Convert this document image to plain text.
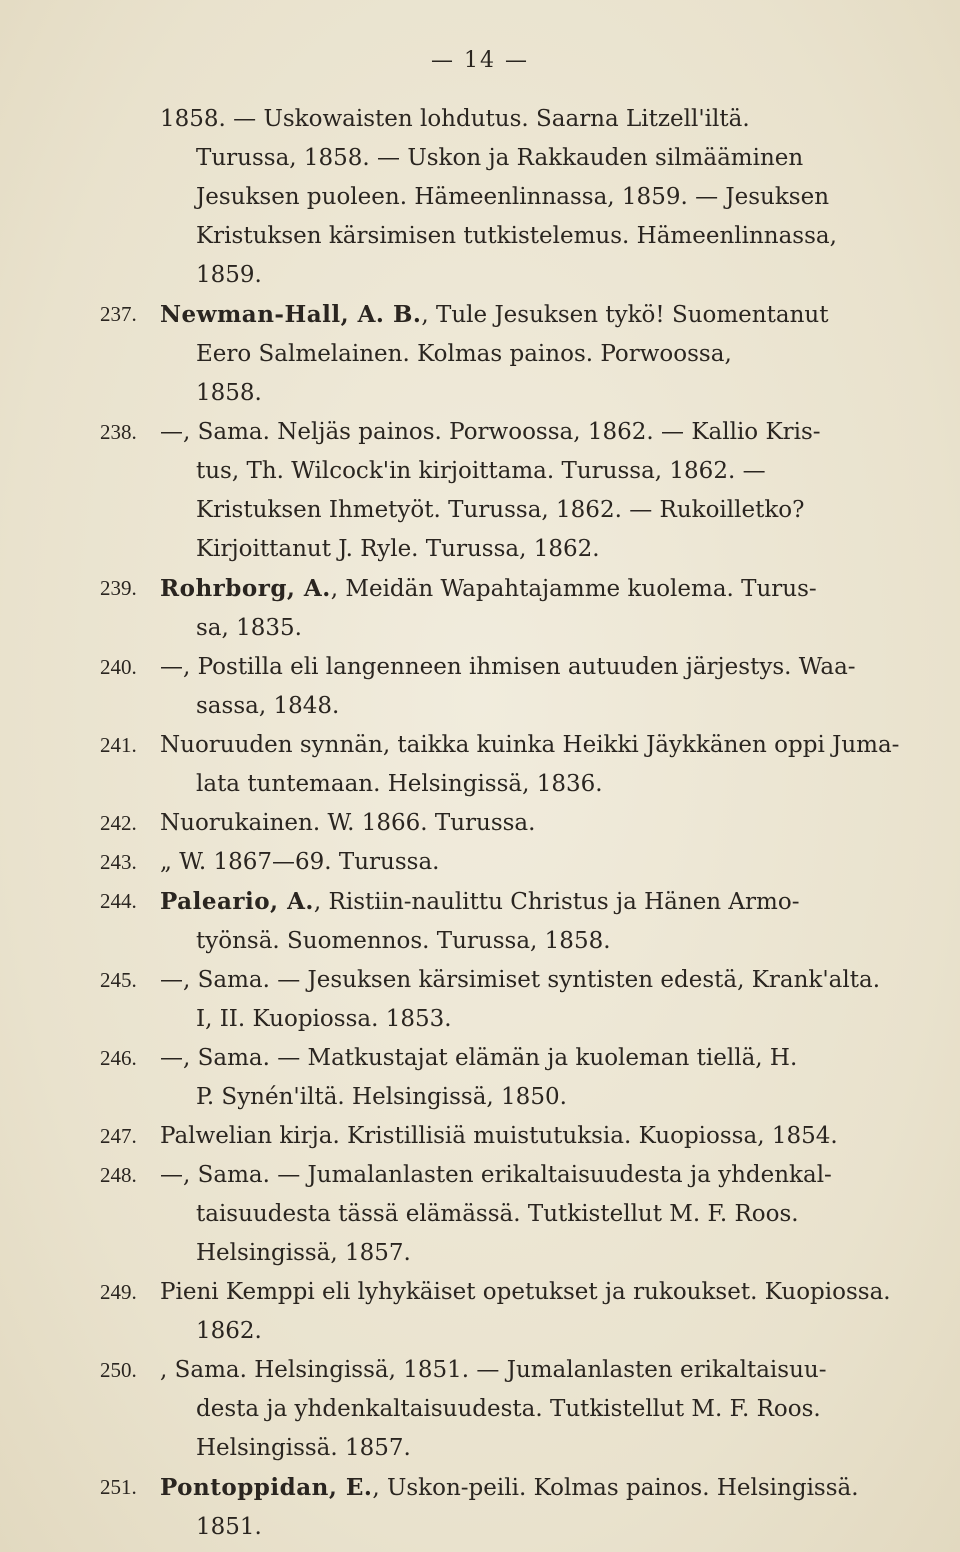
— 14 —
1858. — Uskowaisten lohdutus. Saarna Litzell'iltä.
Turussa, 1858. — Uskon ja Rakkauden silmääminen
Jesuksen puoleen. Hämeenlinnassa, 1859. — Jesuksen
Kristuksen kärsimisen tutkistelemus. Hämeenlinnassa,
1859.
237.	Newman-Hall, A. B., Tule Jesuksen tykö! Suomentanut
Eero Salmelainen. Kolmas painos. Porwoossa,
1858.
238.	—, Sama. Neljäs painos. Porwoossa, 1862. — Kallio Kris-
tus, Th. Wilcock'in kirjoittama. Turussa, 1862. —
Kristuksen Ihmetyöt. Turussa, 1862. — Rukoilletko?
Kirjoittanut J. Ryle. Turussa, 1862.
239.	Rohrborg, A., Meidän Wapahtajamme kuolema. Turus-
sa, 1835.
240.	—, Postilla eli langenneen ihmisen autuuden järjestys. Waa-
sassa, 1848.
241.	Nuoruuden synnän, taikka kuinka Heikki Jäykkänen oppi Juma-
lata tuntemaan. Helsingissä, 1836.
242.	Nuorukainen. W. 1866. Turussa.
243.	„ W. 1867—69. Turussa.
244.	Paleario, A., Ristiin-naulittu Christus ja Hänen Armo-
työnsä. Suomennos. Turussa, 1858.
245.	—, Sama. — Jesuksen kärsimiset syntisten edestä, Krank'alta.
I, II. Kuopiossa. 1853.
246.	—, Sama. — Matkustajat elämän ja kuoleman tiellä, H.
P. Synén'iltä. Helsingissä, 1850.
247.	Palwelian kirja. Kristillisiä muistutuksia. Kuopiossa, 1854.
248.	—, Sama. — Jumalanlasten erikaltaisuudesta ja yhdenkal-
taisuudesta tässä elämässä. Tutkistellut M. F. Roos.
Helsingissä, 1857.
249.	Pieni Kemppi eli lyhykäiset opetukset ja rukoukset. Kuopiossa.
1862.
250.	, Sama. Helsingissä, 1851. — Jumalanlasten erikaltaisuu-
desta ja yhdenkaltaisuudesta. Tutkistellut M. F. Roos.
Helsingissä. 1857.
251.	Pontoppidan, E., Uskon-peili. Kolmas painos. Helsingissä.
1851.
